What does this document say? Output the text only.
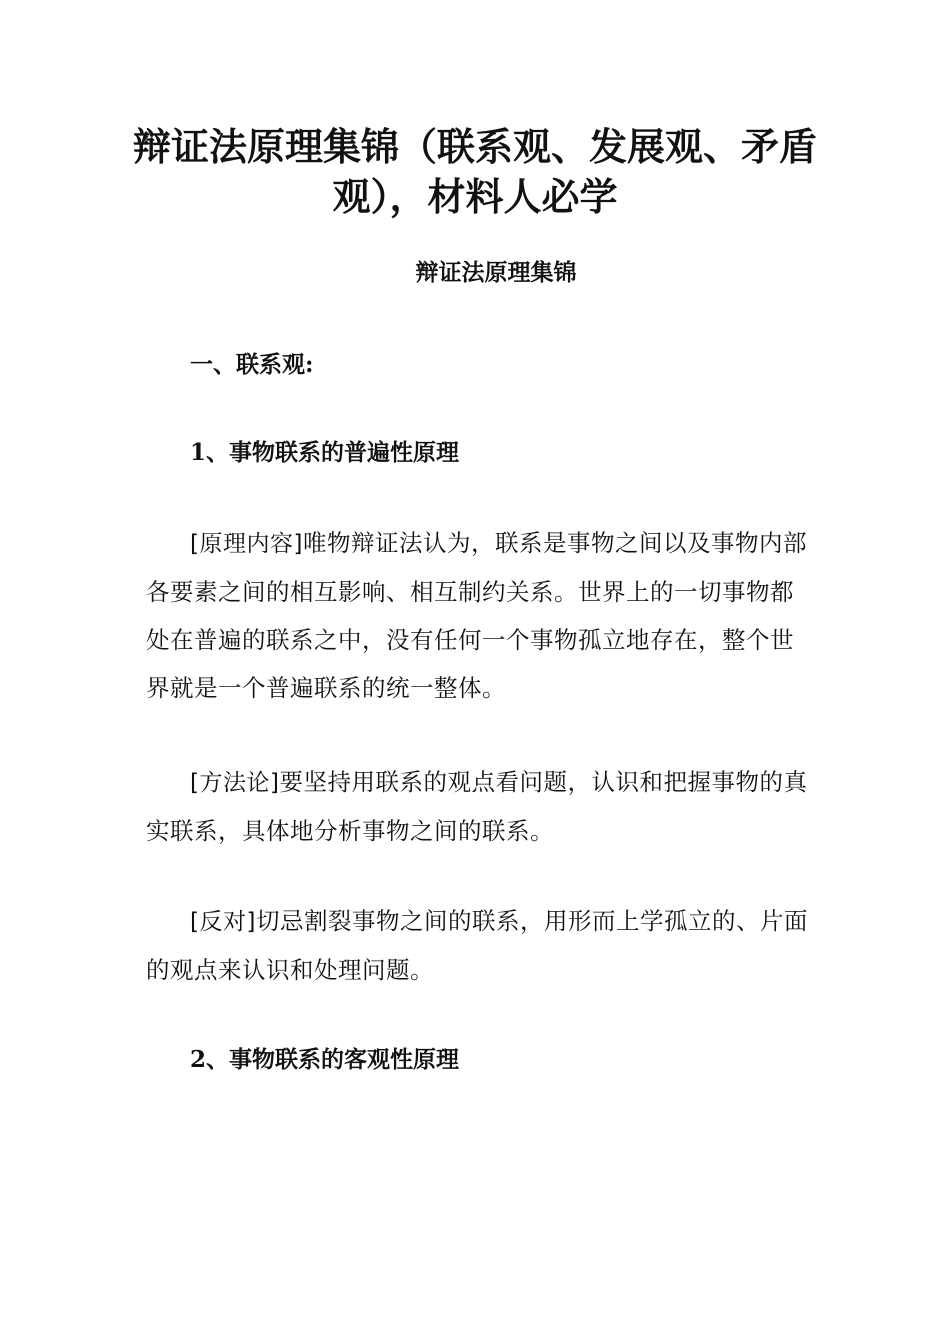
辩证法原理集锦（联系观、发展观、矛盾观），材料人必学
辩证法原理集锦
一、联系观:
1、事物联系的普遍性原理

[原理内容]唯物辩证法认为，联系是事物之间以及事物内部各要素之间的相互影响、相互制约关系。世界上的一切事物都处在普遍的联系之中，没有任何一个事物孤立地存在，整个世界就是一个普遍联系的统一整体。

[方法论]要坚持用联系的观点看问题，认识和把握事物的真实联系，具体地分析事物之间的联系。

[反对]切忌割裂事物之间的联系，用形而上学孤立的、片面的观点来认识和处理问题。

2、事物联系的客观性原理
